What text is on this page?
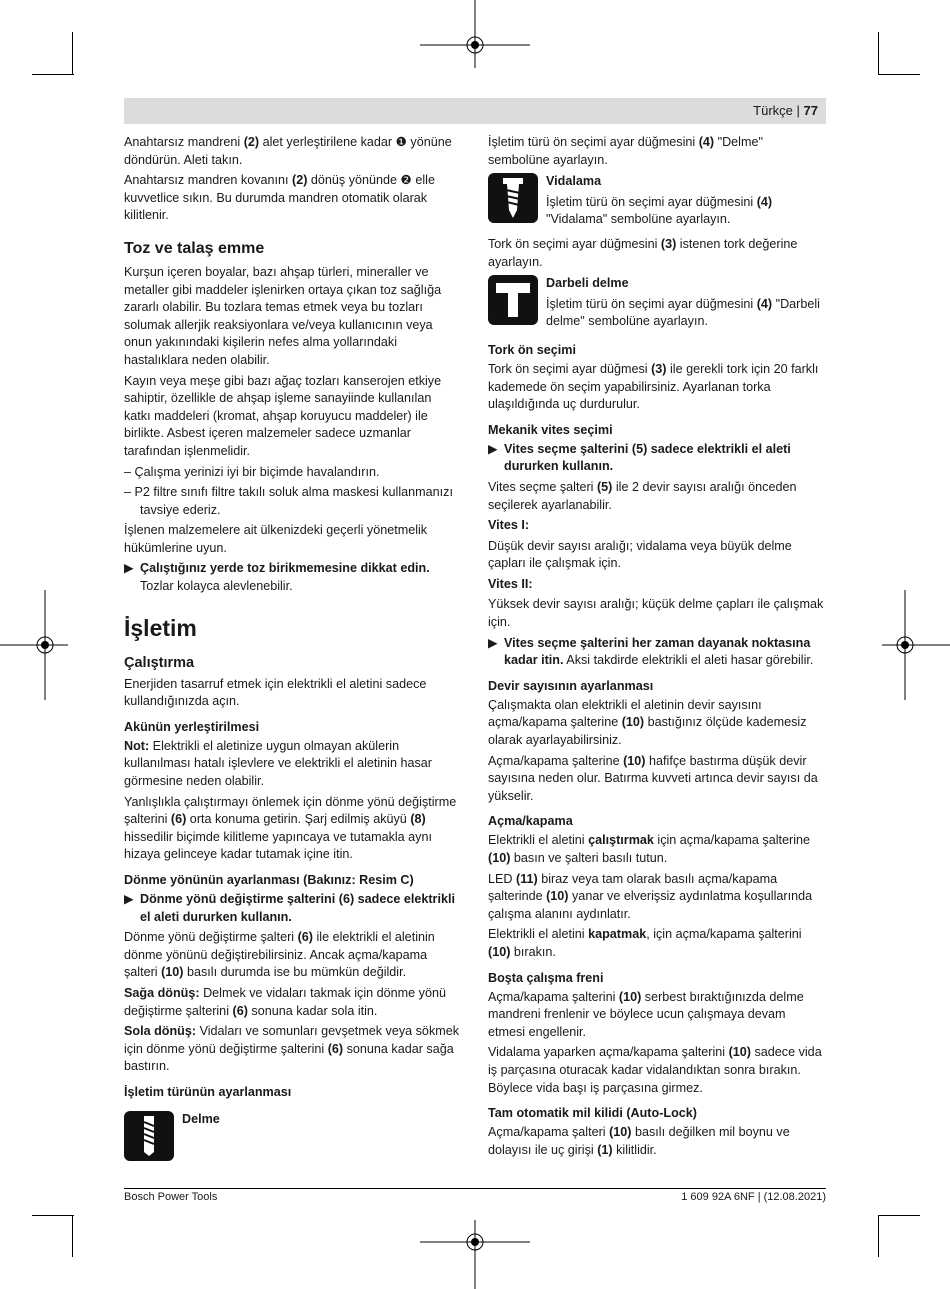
Türkçe | 77

Anahtarsız mandreni (2) alet yerleştirilene kadar ❶ yönüne döndürün. Aleti takın.

Anahtarsız mandren kovanını (2) dönüş yönünde ❷ elle kuvvetlice sıkın. Bu durumda mandren otomatik olarak kilitlenir.

Toz ve talaş emme

Kurşun içeren boyalar, bazı ahşap türleri, mineraller ve metaller gibi maddeler işlenirken ortaya çıkan toz sağlığa zararlı olabilir. Bu tozlara temas etmek veya bu tozları solumak allerjik reaksiyonlara ve/veya kullanıcının veya onun yakınındaki kişilerin nefes alma yollarındaki hastalıklara neden olabilir.

Kayın veya meşe gibi bazı ağaç tozları kanserojen etkiye sahiptir, özellikle de ahşap işleme sanayiinde kullanılan katkı maddeleri (kromat, ahşap koruyucu maddeler) ile birlikte. Asbest içeren malzemeler sadece uzmanlar tarafından işlenmelidir.

– Çalışma yerinizi iyi bir biçimde havalandırın.

– P2 filtre sınıfı filtre takılı soluk alma maskesi kullanmanızı tavsiye ederiz.

İşlenen malzemelere ait ülkenizdeki geçerli yönetmelik hükümlerine uyun.

▶ Çalıştığınız yerde toz birikmemesine dikkat edin. Tozlar kolayca alevlenebilir.

İşletim
Çalıştırma

Enerjiden tasarruf etmek için elektrikli el aletini sadece kullandığınızda açın.

Akünün yerleştirilmesi

Not: Elektrikli el aletinize uygun olmayan akülerin kullanılması hatalı işlevlere ve elektrikli el aletinin hasar görmesine neden olabilir.

Yanlışlıkla çalıştırmayı önlemek için dönme yönü değiştirme şalterini (6) orta konuma getirin. Şarj edilmiş aküyü (8) hissedilir biçimde kilitleme yapıncaya ve tutamakla aynı hizaya gelinceye kadar tutamak içine itin.

Dönme yönünün ayarlanması (Bakınız: Resim C)

▶ Dönme yönü değiştirme şalterini (6) sadece elektrikli el aleti dururken kullanın.

Dönme yönü değiştirme şalteri (6) ile elektrikli el aletinin dönme yönünü değiştirebilirsiniz. Ancak açma/kapama şalteri (10) basılı durumda ise bu mümkün değildir.

Sağa dönüş: Delmek ve vidaları takmak için dönme yönü değiştirme şalterini (6) sonuna kadar sola itin.

Sola dönüş: Vidaları ve somunları gevşetmek veya sökmek için dönme yönü değiştirme şalterini (6) sonuna kadar sağa bastırın.

İşletim türünün ayarlanması
Delme

İşletim türü ön seçimi ayar düğmesini (4) "Delme" sembolüne ayarlayın.

Vidalama

İşletim türü ön seçimi ayar düğmesini (4) "Vidalama" sembolüne ayarlayın.

Tork ön seçimi ayar düğmesini (3) istenen tork değerine ayarlayın.

Darbeli delme

İşletim türü ön seçimi ayar düğmesini (4) "Darbeli delme" sembolüne ayarlayın.

Tork ön seçimi

Tork ön seçimi ayar düğmesi (3) ile gerekli tork için 20 farklı kademede ön seçim yapabilirsiniz. Ayarlanan torka ulaşıldığında uç durdurulur.

Mekanik vites seçimi

▶ Vites seçme şalterini (5) sadece elektrikli el aleti dururken kullanın.

Vites seçme şalteri (5) ile 2 devir sayısı aralığı önceden seçilerek ayarlanabilir.

Vites I:

Düşük devir sayısı aralığı; vidalama veya büyük delme çapları ile çalışmak için.

Vites II:

Yüksek devir sayısı aralığı; küçük delme çapları ile çalışmak için.

▶ Vites seçme şalterini her zaman dayanak noktasına kadar itin. Aksi takdirde elektrikli el aleti hasar görebilir.

Devir sayısının ayarlanması

Çalışmakta olan elektrikli el aletinin devir sayısını açma/kapama şalterine (10) bastığınız ölçüde kademesiz olarak ayarlayabilirsiniz.

Açma/kapama şalterine (10) hafifçe bastırma düşük devir sayısına neden olur. Batırma kuvveti artınca devir sayısı da yükselir.

Açma/kapama

Elektrikli el aletini çalıştırmak için açma/kapama şalterine (10) basın ve şalteri basılı tutun.

LED (11) biraz veya tam olarak basılı açma/kapama şalterinde (10) yanar ve elverişsiz aydınlatma koşullarında çalışma alanını aydınlatır.

Elektrikli el aletini kapatmak, için açma/kapama şalterini (10) bırakın.

Boşta çalışma freni

Açma/kapama şalterini (10) serbest bıraktığınızda delme mandreni frenlenir ve böylece ucun çalışmaya devam etmesi engellenir.

Vidalama yaparken açma/kapama şalterini (10) sadece vida iş parçasına oturacak kadar vidalandıktan sonra bırakın. Böylece vida başı iş parçasına girmez.

Tam otomatik mil kilidi (Auto-Lock)

Açma/kapama şalteri (10) basılı değilken mil boynu ve dolayısı ile uç girişi (1) kilitlidir.

Bosch Power Tools	1 609 92A 6NF | (12.08.2021)
